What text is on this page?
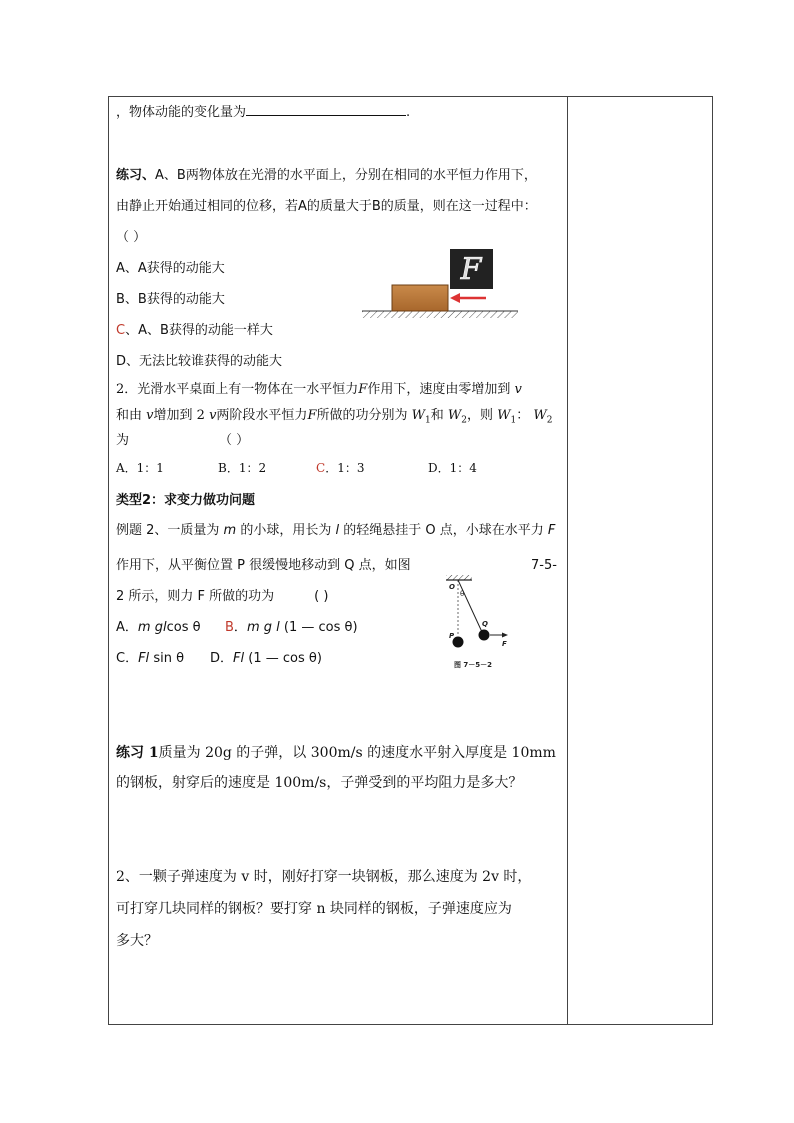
，物体动能的变化量为	.
练习、A、B两物体放在光滑的水平面上，分别在相同的水平恒力作用下，
由静止开始通过相同的位移，若A的质量大于B的质量，则在这一过程中：
（ ）
A、A获得的动能大
B、B获得的动能大
C、A、B获得的动能一样大
D、无法比较谁获得的动能大
F
2．光滑水平桌面上有一物体在一水平恒力F作用下，速度由零增加到 v
和由 v增加到 2 v两阶段水平恒力F所做的功分别为 $W_1$和 $W_2$，则 $W_1$： $W_2$
为	（ ）
A．1：1	B．1：2	C．1：3	D．1：4
类型2：求变力做功问题
例题 2、一质量为 m 的小球，用长为 l 的轻绳悬挂于 O 点，小球在水平力 F
作用下，从平衡位置 P 很缓慢地移动到 Q 点，如图	7-5-
2 所示，则力 F 所做的功为	( )
A．m glcos θ B．m g l (1 — cos θ)
C．Fl sin θ D．Fl (1 — cos θ)
O
θ
P
Q
F
图 7－5－2
练习 1质量为 20g 的子弹，以 300m/s 的速度水平射入厚度是 10mm
的钢板，射穿后的速度是 100m/s，子弹受到的平均阻力是多大？
2、一颗子弹速度为 v 时，刚好打穿一块钢板，那么速度为 2v 时，
可打穿几块同样的钢板？要打穿 n 块同样的钢板，子弹速度应为
多大？
